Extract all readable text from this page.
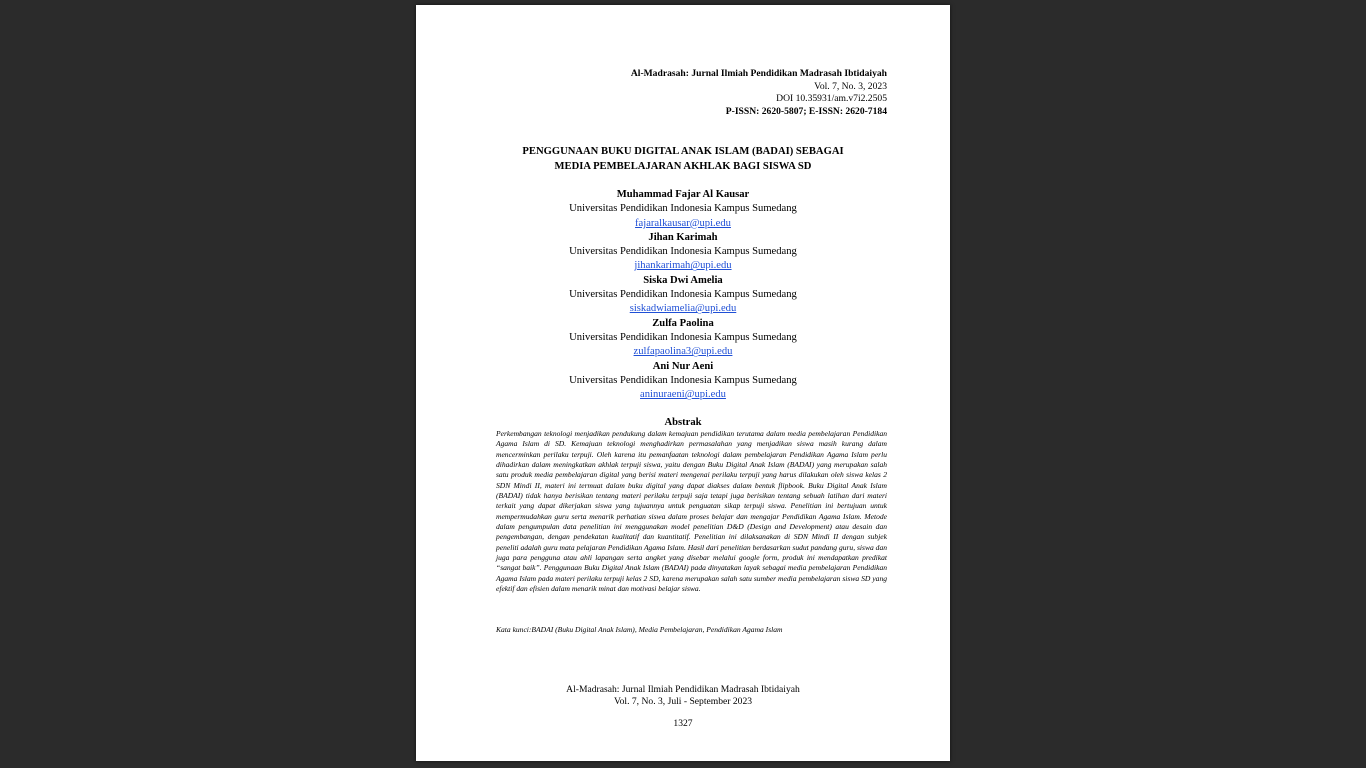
Al-Madrasah: Jurnal Ilmiah Pendidikan Madrasah Ibtidaiyah
Vol. 7, No. 3, 2023
DOI 10.35931/am.v7i2.2505
P-ISSN: 2620-5807; E-ISSN: 2620-7184
PENGGUNAAN BUKU DIGITAL ANAK ISLAM (BADAI) SEBAGAI
MEDIA PEMBELAJARAN AKHLAK BAGI SISWA SD
Muhammad Fajar Al Kausar
Universitas Pendidikan Indonesia Kampus Sumedang
fajaralkausar@upi.edu
Jihan Karimah
Universitas Pendidikan Indonesia Kampus Sumedang
jihankarimah@upi.edu
Siska Dwi Amelia
Universitas Pendidikan Indonesia Kampus Sumedang
siskadwiamelia@upi.edu
Zulfa Paolina
Universitas Pendidikan Indonesia Kampus Sumedang
zulfapaolina3@upi.edu
Ani Nur Aeni
Universitas Pendidikan Indonesia Kampus Sumedang
aninuraeni@upi.edu
Abstrak
Perkembangan teknologi menjadikan pendukung dalam kemajuan pendidikan terutama dalam media pembelajaran Pendidikan Agama Islam di SD. Kemajuan teknologi menghadirkan permasalahan yang menjadikan siswa masih kurang dalam mencerminkan perilaku terpuji. Oleh karena itu pemanfaatan teknologi dalam pembelajaran Pendidikan Agama Islam perlu dihadirkan dalam meningkatkan akhlak terpuji siswa, yaitu dengan Buku Digital Anak Islam (BADAI) yang merupakan salah satu produk media pembelajaran digital yang berisi materi mengenai perilaku terpuji yang harus dilakukan oleh siswa kelas 2 SDN Mindi II, materi ini termuat dalam buku digital yang dapat diakses dalam bentuk flipbook. Buku Digital Anak Islam (BADAI) tidak hanya berisikan tentang materi perilaku terpuji saja tetapi juga berisikan tentang sebuah latihan dari materi terkait yang dapat dikerjakan siswa yang tujuannya untuk penguatan sikap terpuji siswa. Penelitian ini bertujuan untuk mempermudahkan guru serta menarik perhatian siswa dalam proses belajar dan mengajar Pendidikan Agama Islam. Metode dalam pengumpulan data penelitian ini menggunakan model penelitian D&D (Design and Development) atau desain dan pengembangan, dengan pendekatan kualitatif dan kuantitatif. Penelitian ini dilaksanakan di SDN Mindi II dengan subjek peneliti adalah guru mata pelajaran Pendidikan Agama Islam. Hasil dari penelitian berdasarkan sudut pandang guru, siswa dan juga para pengguna atau ahli lapangan serta angket yang disebar melalui google form, produk ini mendapatkan predikat “sangat baik”. Penggunaan Buku Digital Anak Islam (BADAI) pada dinyatakan layak sebagai media pembelajaran Pendidikan Agama Islam pada materi perilaku terpuji kelas 2 SD, karena merupakan salah satu sumber media pembelajaran siswa SD yang efektif dan efisien dalam menarik minat dan motivasi belajar siswa.
Kata kunci:BADAI (Buku Digital Anak Islam), Media Pembelajaran, Pendidikan Agama Islam
Al-Madrasah: Jurnal Ilmiah Pendidikan Madrasah Ibtidaiyah
Vol. 7, No. 3, Juli - September 2023
1327
